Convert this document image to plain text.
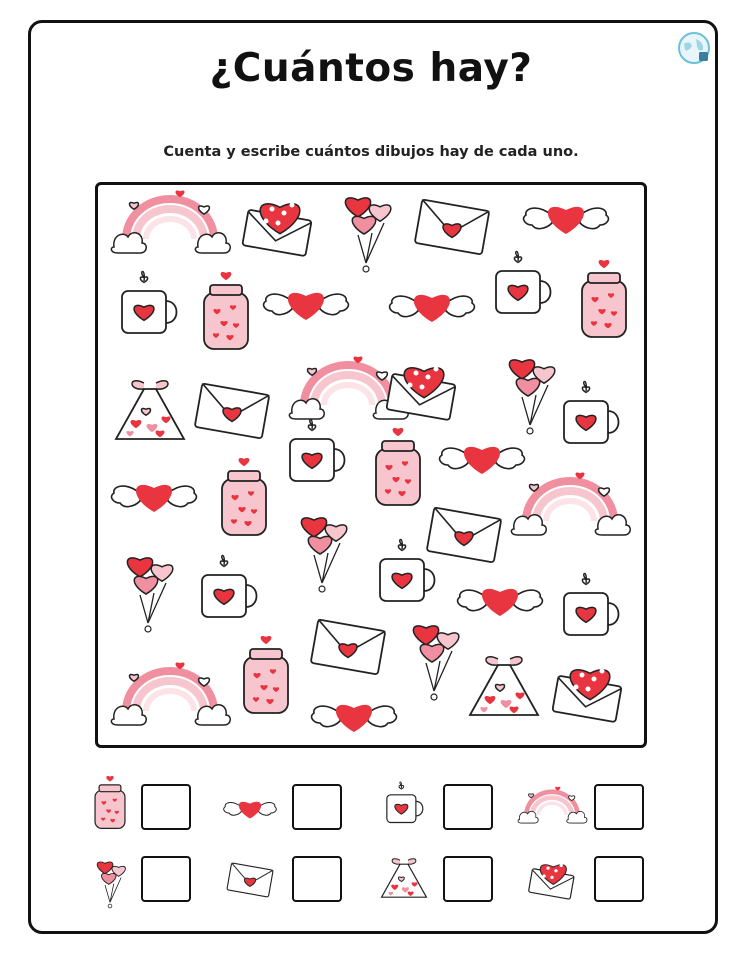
¿Cuántos hay?
Cuenta y escribe cuántos dibujos hay de cada uno.
